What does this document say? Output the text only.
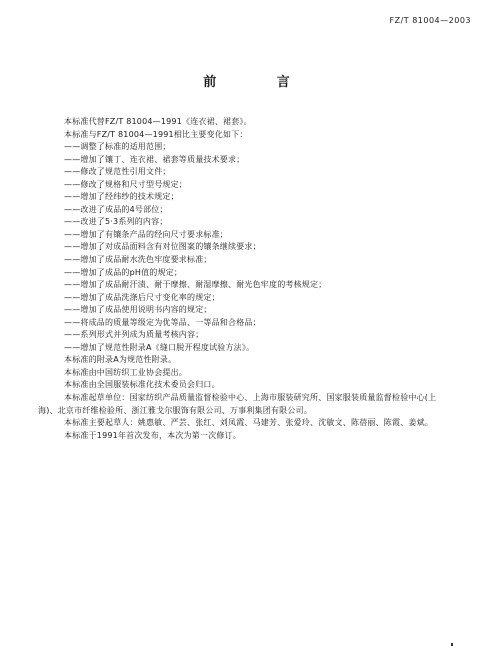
FZ/T 81004—2003
前 言
本标准代替FZ/T 81004—1991《连衣裙、裙套》。
本标准与FZ/T 81004—1991相比主要变化如下：
——调整了标准的适用范围；
——增加了镶丁、连衣裙、裙套等质量技术要求；
——修改了规范性引用文件；
——修改了规格和尺寸型号规定；
——增加了经纬纱的技术规定；
——改进了成品的4号部位；
——改进了5·3系列的内容；
——增加了有镶条产品的经向尺寸要求标准；
——增加了对成品面料含有对位图案的镶条继续要求；
——增加了成品耐水洗色牢度要求标准；
——增加了成品的pH值的规定；
——增加了成品耐汗渍、耐干摩擦、耐湿摩擦、耐光色牢度的考核规定；
——增加了成品洗涤后尺寸变化率的规定；
——增加了成品使用说明书内容的规定；
——将成品的质量等级定为优等品、一等品和合格品；
——系列形式并列成为质量考核内容；
——增加了规范性附录A《缝口脱开程度试验方法》。
本标准的附录A为规范性附录。
本标准由中国纺织工业协会提出。
本标准由全国服装标准化技术委员会归口。
本标准起草单位：国家纺织产品质量监督检验中心、上海市服装研究所、国家服装质量监督检验中心(上
海)、北京市纤维检验所、浙江雅戈尔服饰有限公司、万事利集团有限公司。
本标准主要起草人：姚惠敏、严芸、张红、刘凤霞、马建芳、张爱玲、沈敏文、陈蓓丽、陈霞、姜斌。
本标准于1991年首次发布，本次为第一次修订。
